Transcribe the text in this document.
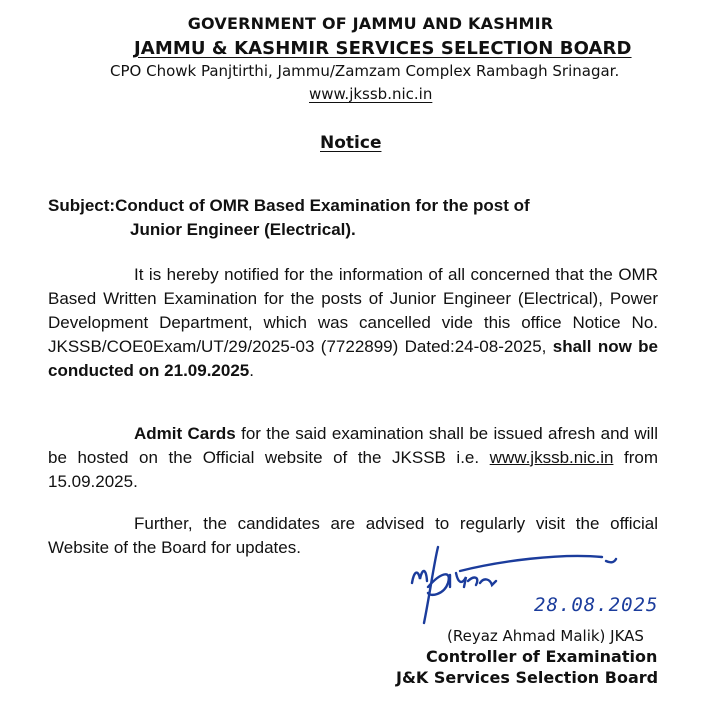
GOVERNMENT OF JAMMU AND KASHMIR
JAMMU & KASHMIR SERVICES SELECTION BOARD
CPO Chowk Panjtirthi, Jammu/Zamzam Complex Rambagh Srinagar.
www.jkssb.nic.in
Notice
Subject:Conduct of OMR Based Examination for the post of
Junior Engineer (Electrical).
It is hereby notified for the information of all concerned that the OMR Based Written Examination for the posts of Junior Engineer (Electrical), Power Development Department, which was cancelled vide this office Notice No. JKSSB/COE0Exam/UT/29/2025-03 (7722899) Dated:24-08-2025, shall now be conducted on 21.09.2025.
Admit Cards for the said examination shall be issued afresh and will be hosted on the Official website of the JKSSB i.e. www.jkssb.nic.in from 15.09.2025.
Further, the candidates are advised to regularly visit the official Website of the Board for updates.
28.08.2025
(Reyaz Ahmad Malik) JKAS
Controller of Examination
J&K Services Selection Board
